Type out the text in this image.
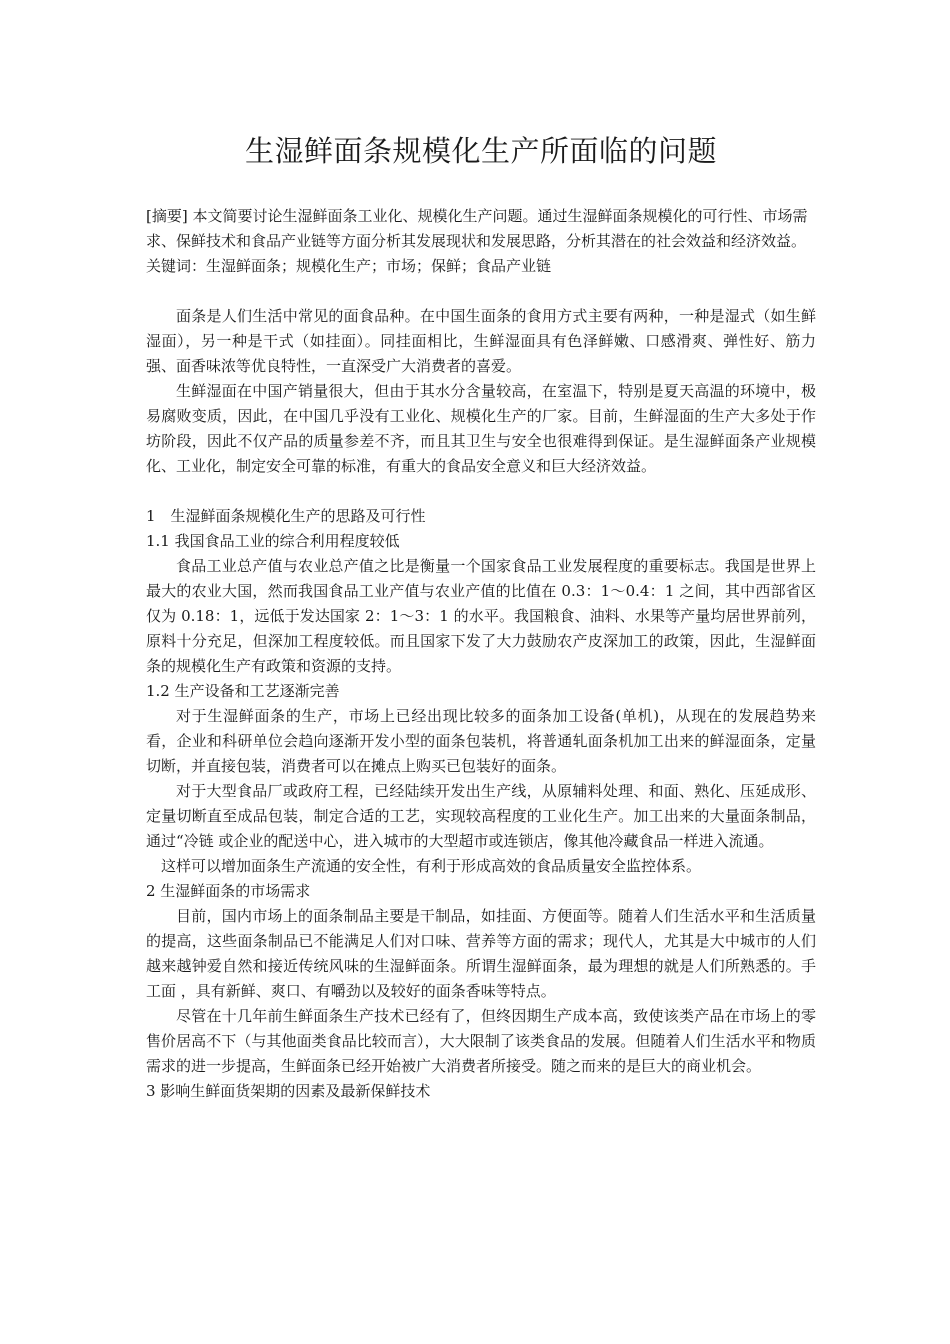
生湿鲜面条规模化生产所面临的问题

[摘要] 本文简要讨论生湿鲜面条工业化、规模化生产问题。通过生湿鲜面条规模化的可行性、市场需求、保鲜技术和食品产业链等方面分析其发展现状和发展思路，分析其潜在的社会效益和经济效益。

关键词：生湿鲜面条；规模化生产；市场；保鲜；食品产业链

面条是人们生活中常见的面食品种。在中国生面条的食用方式主要有两种，一种是湿式（如生鲜湿面），另一种是干式（如挂面）。同挂面相比，生鲜湿面具有色泽鲜嫩、口感滑爽、弹性好、筋力强、面香味浓等优良特性，一直深受广大消费者的喜爱。

生鲜湿面在中国产销量很大，但由于其水分含量较高，在室温下，特别是夏天高温的环境中，极易腐败变质，因此，在中国几乎没有工业化、规模化生产的厂家。目前，生鲜湿面的生产大多处于作坊阶段，因此不仅产品的质量参差不齐，而且其卫生与安全也很难得到保证。是生湿鲜面条产业规模化、工业化，制定安全可靠的标准，有重大的食品安全意义和巨大经济效益。

1　生湿鲜面条规模化生产的思路及可行性

1.1 我国食品工业的综合利用程度较低

食品工业总产值与农业总产值之比是衡量一个国家食品工业发展程度的重要标志。我国是世界上最大的农业大国，然而我国食品工业产值与农业产值的比值在 0.3：1～0.4：1 之间，其中西部省区仅为 0.18：1，远低于发达国家 2：1～3：1 的水平。我国粮食、油料、水果等产量均居世界前列，原料十分充足，但深加工程度较低。而且国家下发了大力鼓励农产皮深加工的政策，因此，生湿鲜面条的规模化生产有政策和资源的支持。

1.2 生产设备和工艺逐渐完善

对于生湿鲜面条的生产，市场上已经出现比较多的面条加工设备(单机)，从现在的发展趋势来看，企业和科研单位会趋向逐渐开发小型的面条包装机，将普通轧面条机加工出来的鲜湿面条，定量切断，并直接包装，消费者可以在摊点上购买已包装好的面条。

对于大型食品厂或政府工程，已经陆续开发出生产线，从原辅料处理、和面、熟化、压延成形、定量切断直至成品包装，制定合适的工艺，实现较高程度的工业化生产。加工出来的大量面条制品，通过“冷链 或企业的配送中心，进入城市的大型超市或连锁店，像其他冷藏食品一样进入流通。

这样可以增加面条生产流通的安全性，有利于形成高效的食品质量安全监控体系。

2 生湿鲜面条的市场需求

目前，国内市场上的面条制品主要是干制品，如挂面、方便面等。随着人们生活水平和生活质量的提高，这些面条制品已不能满足人们对口味、营养等方面的需求；现代人，尤其是大中城市的人们越来越钟爱自然和接近传统风味的生湿鲜面条。所谓生湿鲜面条，最为理想的就是人们所熟悉的。手工面 ，具有新鲜、爽口、有嚼劲以及较好的面条香味等特点。

尽管在十几年前生鲜面条生产技术已经有了，但终因期生产成本高，致使该类产品在市场上的零售价居高不下（与其他面类食品比较而言），大大限制了该类食品的发展。但随着人们生活水平和物质需求的进一步提高，生鲜面条已经开始被广大消费者所接受。随之而来的是巨大的商业机会。

3 影响生鲜面货架期的因素及最新保鲜技术
